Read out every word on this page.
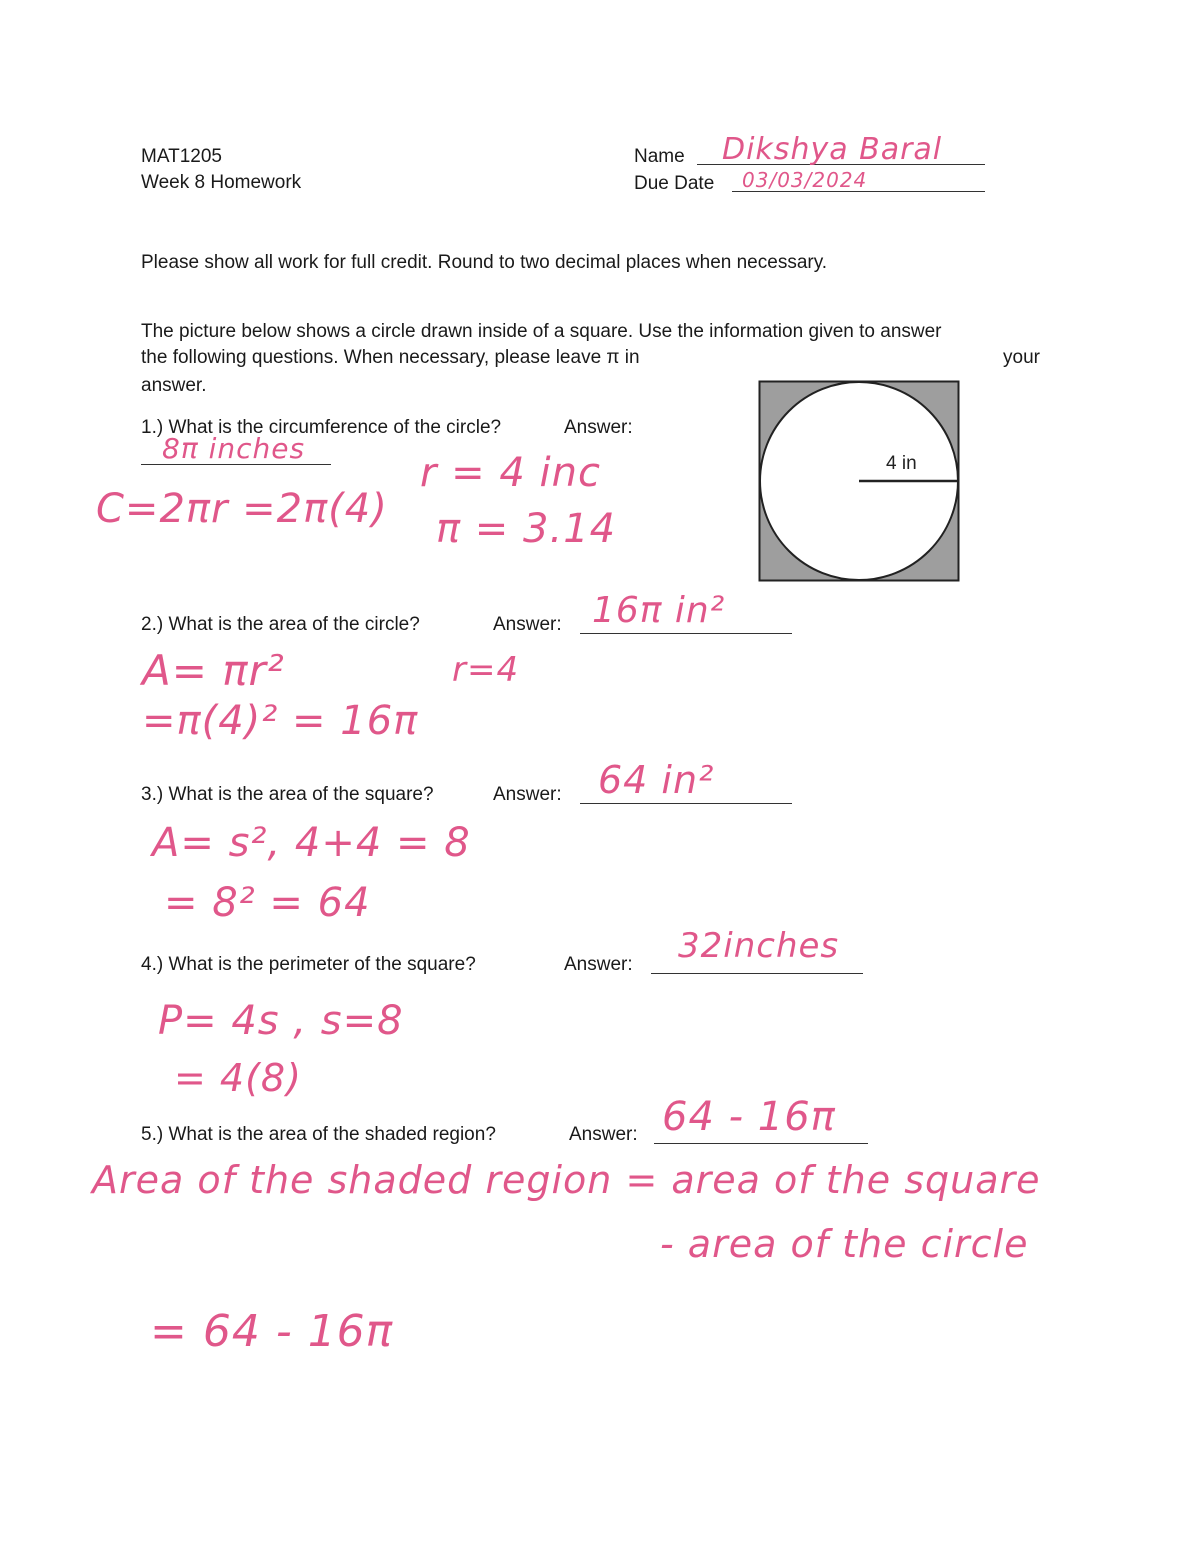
MAT1205
Week 8 Homework
Name Dikshya Baral
Due Date 03/03/2024
Please show all work for full credit. Round to two decimal places when necessary.
The picture below shows a circle drawn inside of a square. Use the information given to answer
the following questions. When necessary, please leave π in	your
answer.
4 in
1.) What is the circumference of the circle?	Answer:
8π inches
C=2πr =2π(4)
r = 4 inc
π = 3.14
2.) What is the area of the circle?	Answer: 16π in²
A= πr²	r=4
=π(4)² = 16π
3.) What is the area of the square?	Answer: 64 in²
A= s², 4+4 = 8
= 8² = 64
4.) What is the perimeter of the square?	Answer: 32inches
P= 4s , s=8
= 4(8)
5.) What is the area of the shaded region?	Answer: 64 - 16π
Area of the shaded region = area of the square
- area of the circle
= 64 - 16π
